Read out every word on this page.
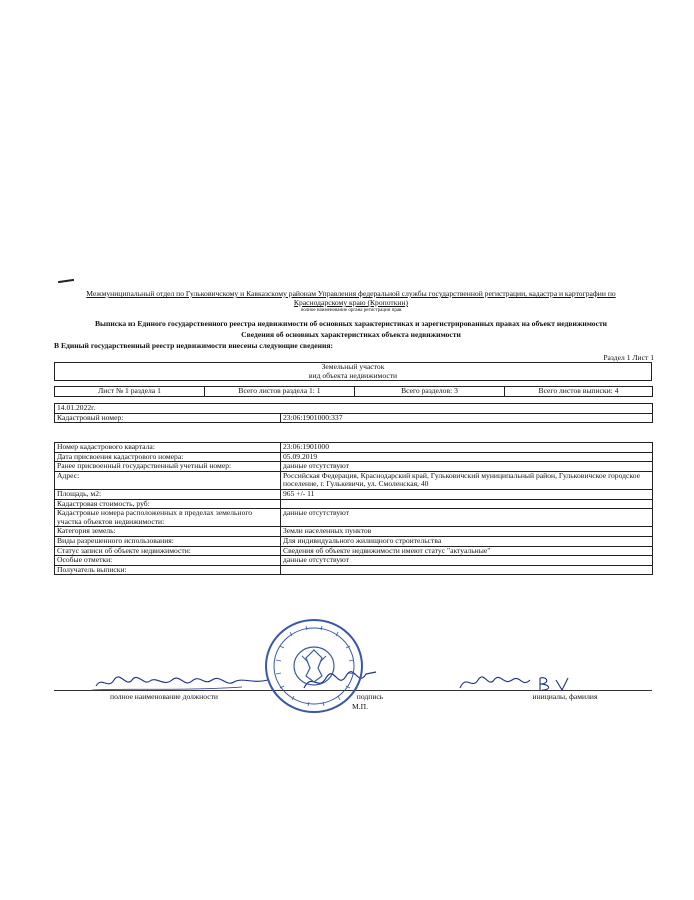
Межмуниципальный отдел по Гульковичскому и Кавказскому районам Управления федеральной службы государственной регистрации, кадастра и картографии по Краснодарскому краю (Кропоткин)
полное наименование органа регистрации прав
Выписка из Единого государственного реестра недвижимости об основных характеристиках и зарегистрированных правах на объект недвижимости
Сведения об основных характеристиках объекта недвижимости
В Единый государственный реестр недвижимости внесены следующие сведения:
Раздел 1 Лист 1
Земельный участок
вид объекта недвижимости
Лист № 1 раздела 1	Всего листов раздела 1: 1	Всего разделов: 3	Всего листов выписки: 4
14.01.2022г.
Кадастровый номер:	23:06:1901000:337
Номер кадастрового квартала:	23:06:1901000
Дата присвоения кадастрового номера:	05.09.2019
Ранее присвоенный государственный учетный номер:	данные отсутствуют
Адрес:	Российская Федерация, Краснодарский край, Гульковичский муниципальный район, Гульковичское городское поселение, г. Гулькевичи, ул. Смоленская, 40
Площадь, м2:	965 +/- 11
Кадастровая стоимость, руб:	
Кадастровые номера расположенных в пределах земельного участка объектов недвижимости:	данные отсутствуют
Категория земель:	Земли населенных пунктов
Виды разрешенного использования:	Для индивидуального жилищного строительства
Статус записи об объекте недвижимости:	Сведения об объекте недвижимости имеют статус "актуальные"
Особые отметки:	данные отсутствуют
Получатель выписки:	
полное наименование должности	подпись	инициалы, фамилия
М.П.
